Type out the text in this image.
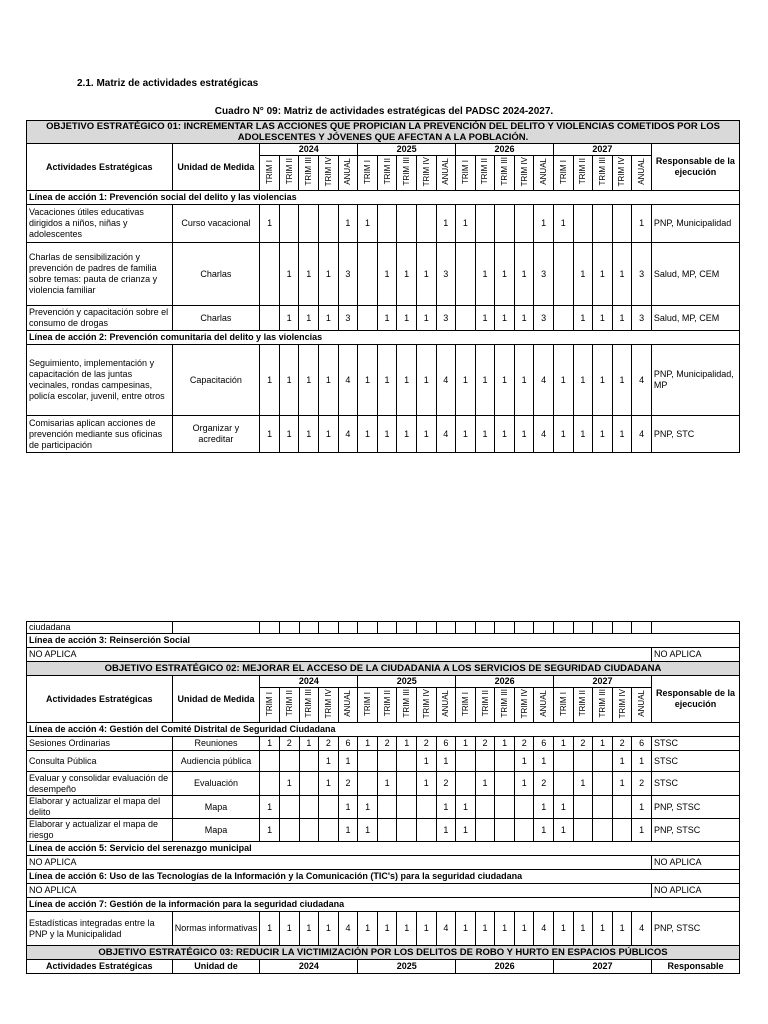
2.1. Matriz de actividades estratégicas
Cuadro N° 09: Matriz de actividades estratégicas del PADSC 2024-2027.
OBJETIVO ESTRATÉGICO 01: INCREMENTAR LAS ACCIONES QUE PROPICIAN LA PREVENCIÓN DEL DELITO Y VIOLENCIAS COMETIDOS POR LOS ADOLESCENTES Y JÓVENES QUE AFECTAN A LA POBLACIÓN.																						
Actividades Estratégicas	Unidad de Medida	2024					2025					2026					2027					Responsable de la ejecución
		TRIM I	TRIM II	TRIM III	TRIM IV	ANUAL	TRIM I	TRIM II	TRIM III	TRIM IV	ANUAL	TRIM I	TRIM II	TRIM III	TRIM IV	ANUAL	TRIM I	TRIM II	TRIM III	TRIM IV	ANUAL	
Línea de acción 1: Prevención social del delito y las violencias																						
Vacaciones útiles educativas dirigidos a niños, niñas y adolescentes	Curso vacacional	1				1	1				1	1				1	1				1	PNP, Municipalidad
Charlas de sensibilización y prevención de padres de familia sobre temas: pauta de crianza y violencia familiar	Charlas		1	1	1	3		1	1	1	3		1	1	1	3		1	1	1	3	Salud, MP, CEM
Prevención y capacitación sobre el consumo de drogas	Charlas		1	1	1	3		1	1	1	3		1	1	1	3		1	1	1	3	Salud, MP, CEM
Línea de acción 2: Prevención comunitaria del delito y las violencias																						
Seguimiento, implementación y capacitación de las juntas vecinales, rondas campesinas, policía escolar, juvenil, entre otros	Capacitación	1	1	1	1	4	1	1	1	1	4	1	1	1	1	4	1	1	1	1	4	PNP, Municipalidad, MP
Comisarias aplican acciones de prevención mediante sus oficinas de participación	Organizar y acreditar	1	1	1	1	4	1	1	1	1	4	1	1	1	1	4	1	1	1	1	4	PNP, STC
ciudadana																						
Línea de acción 3: Reinserción Social																						
NO APLICA																						NO APLICA
OBJETIVO ESTRATÉGICO 02: MEJORAR EL ACCESO DE LA CIUDADANIA A LOS SERVICIOS DE SEGURIDAD CIUDADANA																						
Actividades Estratégicas	Unidad de Medida	2024					2025					2026					2027					Responsable de la ejecución
		TRIM I	TRIM II	TRIM III	TRIM IV	ANUAL	TRIM I	TRIM II	TRIM III	TRIM IV	ANUAL	TRIM I	TRIM II	TRIM III	TRIM IV	ANUAL	TRIM I	TRIM II	TRIM III	TRIM IV	ANUAL	
Línea de acción 4: Gestión del Comité Distrital de Seguridad Ciudadana																						
Sesiones Ordinarias	Reuniones	1	2	1	2	6	1	2	1	2	6	1	2	1	2	6	1	2	1	2	6	STSC
Consulta Pública	Audiencia pública				1	1				1	1				1	1				1	1	STSC
Evaluar y consolidar evaluación de desempeño	Evaluación		1		1	2		1		1	2		1		1	2		1		1	2	STSC
Elaborar y actualizar el mapa del delito	Mapa	1				1	1				1	1				1	1				1	PNP, STSC
Elaborar y actualizar el mapa de riesgo	Mapa	1				1	1				1	1				1	1				1	PNP, STSC
Línea de acción 5: Servicio del serenazgo municipal																						
NO APLICA																						NO APLICA
Línea de acción 6: Uso de las Tecnologías de la Información y la Comunicación (TIC's) para la seguridad ciudadana																						
NO APLICA																						NO APLICA
Línea de acción 7: Gestión de la información para la seguridad ciudadana																						
Estadísticas integradas entre la PNP y la Municipalidad	Normas informativas	1	1	1	1	4	1	1	1	1	4	1	1	1	1	4	1	1	1	1	4	PNP, STSC
OBJETIVO ESTRATÉGICO 03: REDUCIR LA VICTIMIZACIÓN POR LOS DELITOS DE ROBO Y HURTO EN ESPACIOS PÚBLICOS																						
Actividades Estratégicas	Unidad de	2024					2025					2026					2027					Responsable
